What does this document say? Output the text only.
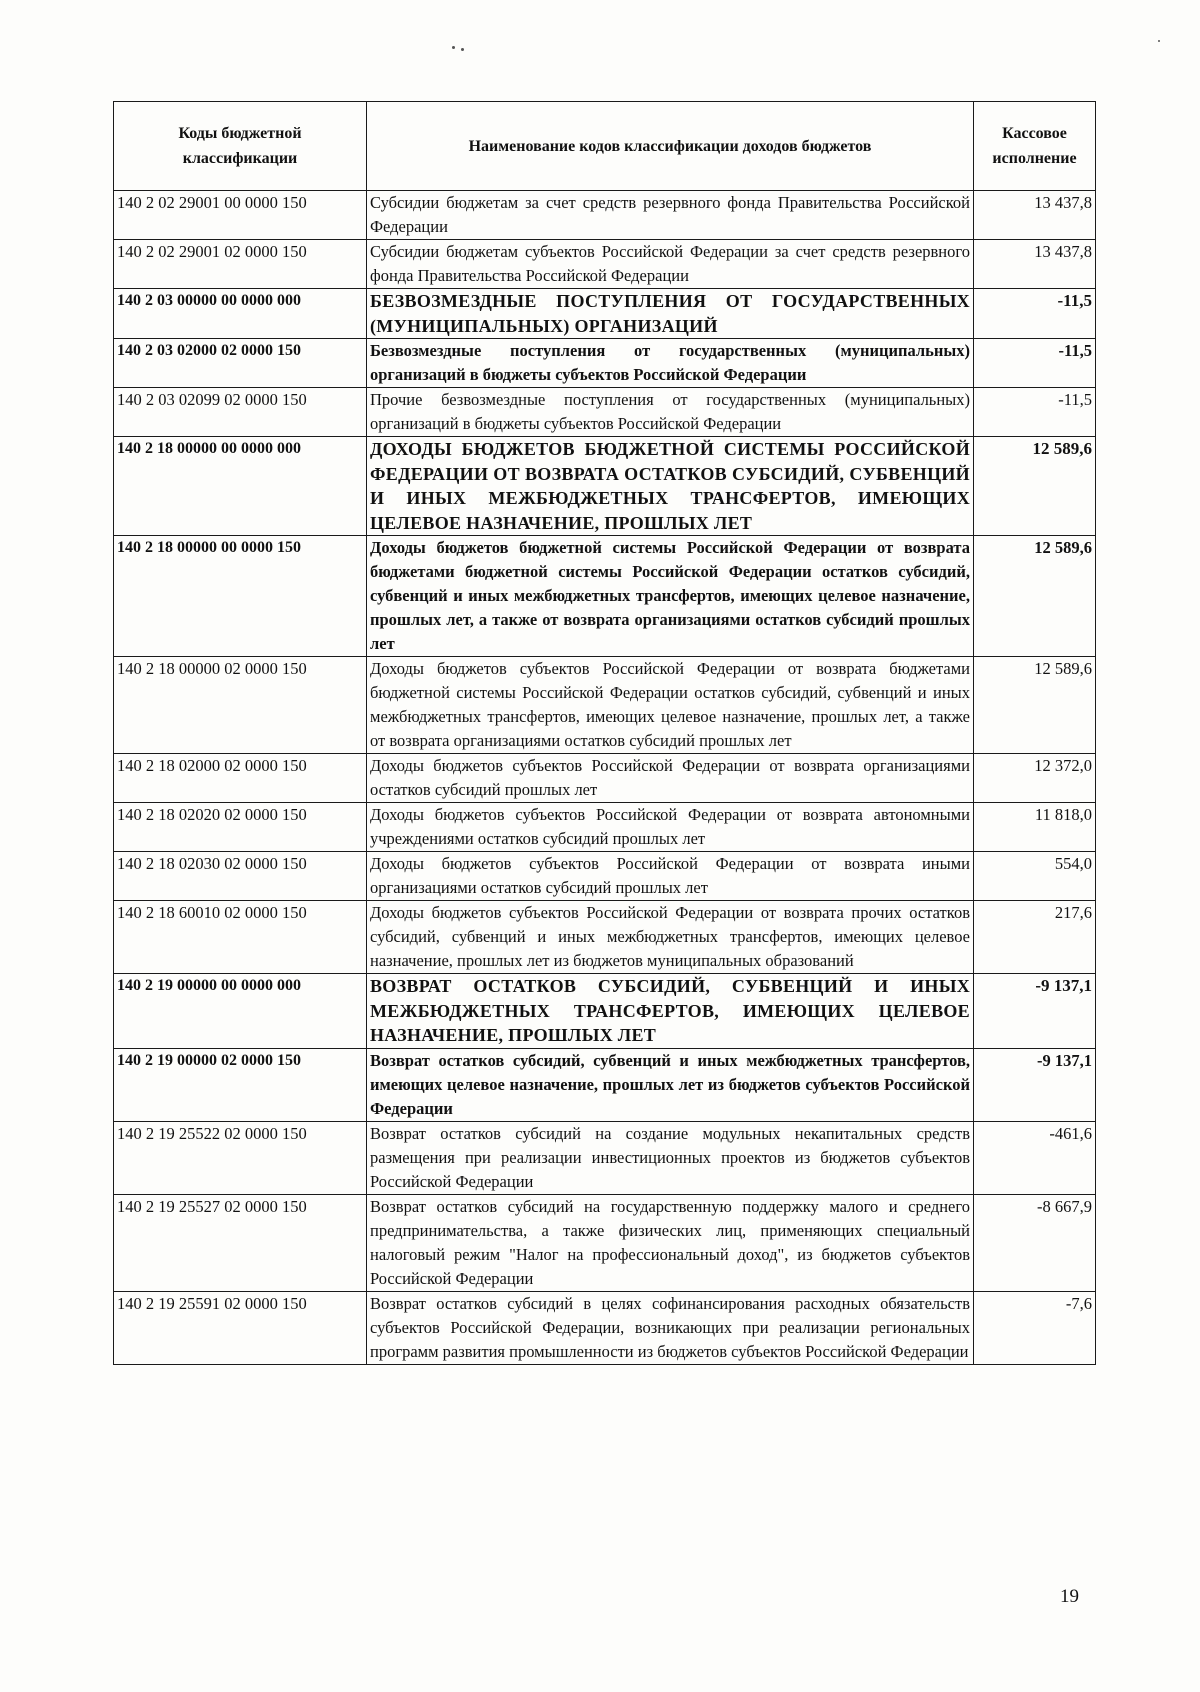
Коды бюджетной классификации	Наименование кодов классификации доходов бюджетов	Кассовое исполнение
140 2 02 29001 00 0000 150	Субсидии бюджетам за счет средств резервного фонда Правительства Российской Федерации	13 437,8
140 2 02 29001 02 0000 150	Субсидии бюджетам субъектов Российской Федерации за счет средств резервного фонда Правительства Российской Федерации	13 437,8
140 2 03 00000 00 0000 000	БЕЗВОЗМЕЗДНЫЕ ПОСТУПЛЕНИЯ ОТ ГОСУДАРСТВЕННЫХ (МУНИЦИПАЛЬНЫХ) ОРГАНИЗАЦИЙ	-11,5
140 2 03 02000 02 0000 150	Безвозмездные поступления от государственных (муниципальных) организаций в бюджеты субъектов Российской Федерации	-11,5
140 2 03 02099 02 0000 150	Прочие безвозмездные поступления от государственных (муниципальных) организаций в бюджеты субъектов Российской Федерации	-11,5
140 2 18 00000 00 0000 000	ДОХОДЫ БЮДЖЕТОВ БЮДЖЕТНОЙ СИСТЕМЫ РОССИЙСКОЙ ФЕДЕРАЦИИ ОТ ВОЗВРАТА ОСТАТКОВ СУБСИДИЙ, СУБВЕНЦИЙ И ИНЫХ МЕЖБЮДЖЕТНЫХ ТРАНСФЕРТОВ, ИМЕЮЩИХ ЦЕЛЕВОЕ НАЗНАЧЕНИЕ, ПРОШЛЫХ ЛЕТ	12 589,6
140 2 18 00000 00 0000 150	Доходы бюджетов бюджетной системы Российской Федерации от возврата бюджетами бюджетной системы Российской Федерации остатков субсидий, субвенций и иных межбюджетных трансфертов, имеющих целевое назначение, прошлых лет, а также от возврата организациями остатков субсидий прошлых лет	12 589,6
140 2 18 00000 02 0000 150	Доходы бюджетов субъектов Российской Федерации от возврата бюджетами бюджетной системы Российской Федерации остатков субсидий, субвенций и иных межбюджетных трансфертов, имеющих целевое назначение, прошлых лет, а также от возврата организациями остатков субсидий прошлых лет	12 589,6
140 2 18 02000 02 0000 150	Доходы бюджетов субъектов Российской Федерации от возврата организациями остатков субсидий прошлых лет	12 372,0
140 2 18 02020 02 0000 150	Доходы бюджетов субъектов Российской Федерации от возврата автономными учреждениями остатков субсидий прошлых лет	11 818,0
140 2 18 02030 02 0000 150	Доходы бюджетов субъектов Российской Федерации от возврата иными организациями остатков субсидий прошлых лет	554,0
140 2 18 60010 02 0000 150	Доходы бюджетов субъектов Российской Федерации от возврата прочих остатков субсидий, субвенций и иных межбюджетных трансфертов, имеющих целевое назначение, прошлых лет из бюджетов муниципальных образований	217,6
140 2 19 00000 00 0000 000	ВОЗВРАТ ОСТАТКОВ СУБСИДИЙ, СУБВЕНЦИЙ И ИНЫХ МЕЖБЮДЖЕТНЫХ ТРАНСФЕРТОВ, ИМЕЮЩИХ ЦЕЛЕВОЕ НАЗНАЧЕНИЕ, ПРОШЛЫХ ЛЕТ	-9 137,1
140 2 19 00000 02 0000 150	Возврат остатков субсидий, субвенций и иных межбюджетных трансфертов, имеющих целевое назначение, прошлых лет из бюджетов субъектов Российской Федерации	-9 137,1
140 2 19 25522 02 0000 150	Возврат остатков субсидий на создание модульных некапитальных средств размещения при реализации инвестиционных проектов из бюджетов субъектов Российской Федерации	-461,6
140 2 19 25527 02 0000 150	Возврат остатков субсидий на государственную поддержку малого и среднего предпринимательства, а также физических лиц, применяющих специальный налоговый режим "Налог на профессиональный доход", из бюджетов субъектов Российской Федерации	-8 667,9
140 2 19 25591 02 0000 150	Возврат остатков субсидий в целях софинансирования расходных обязательств субъектов Российской Федерации, возникающих при реализации региональных программ развития промышленности из бюджетов субъектов Российской Федерации	-7,6
19
